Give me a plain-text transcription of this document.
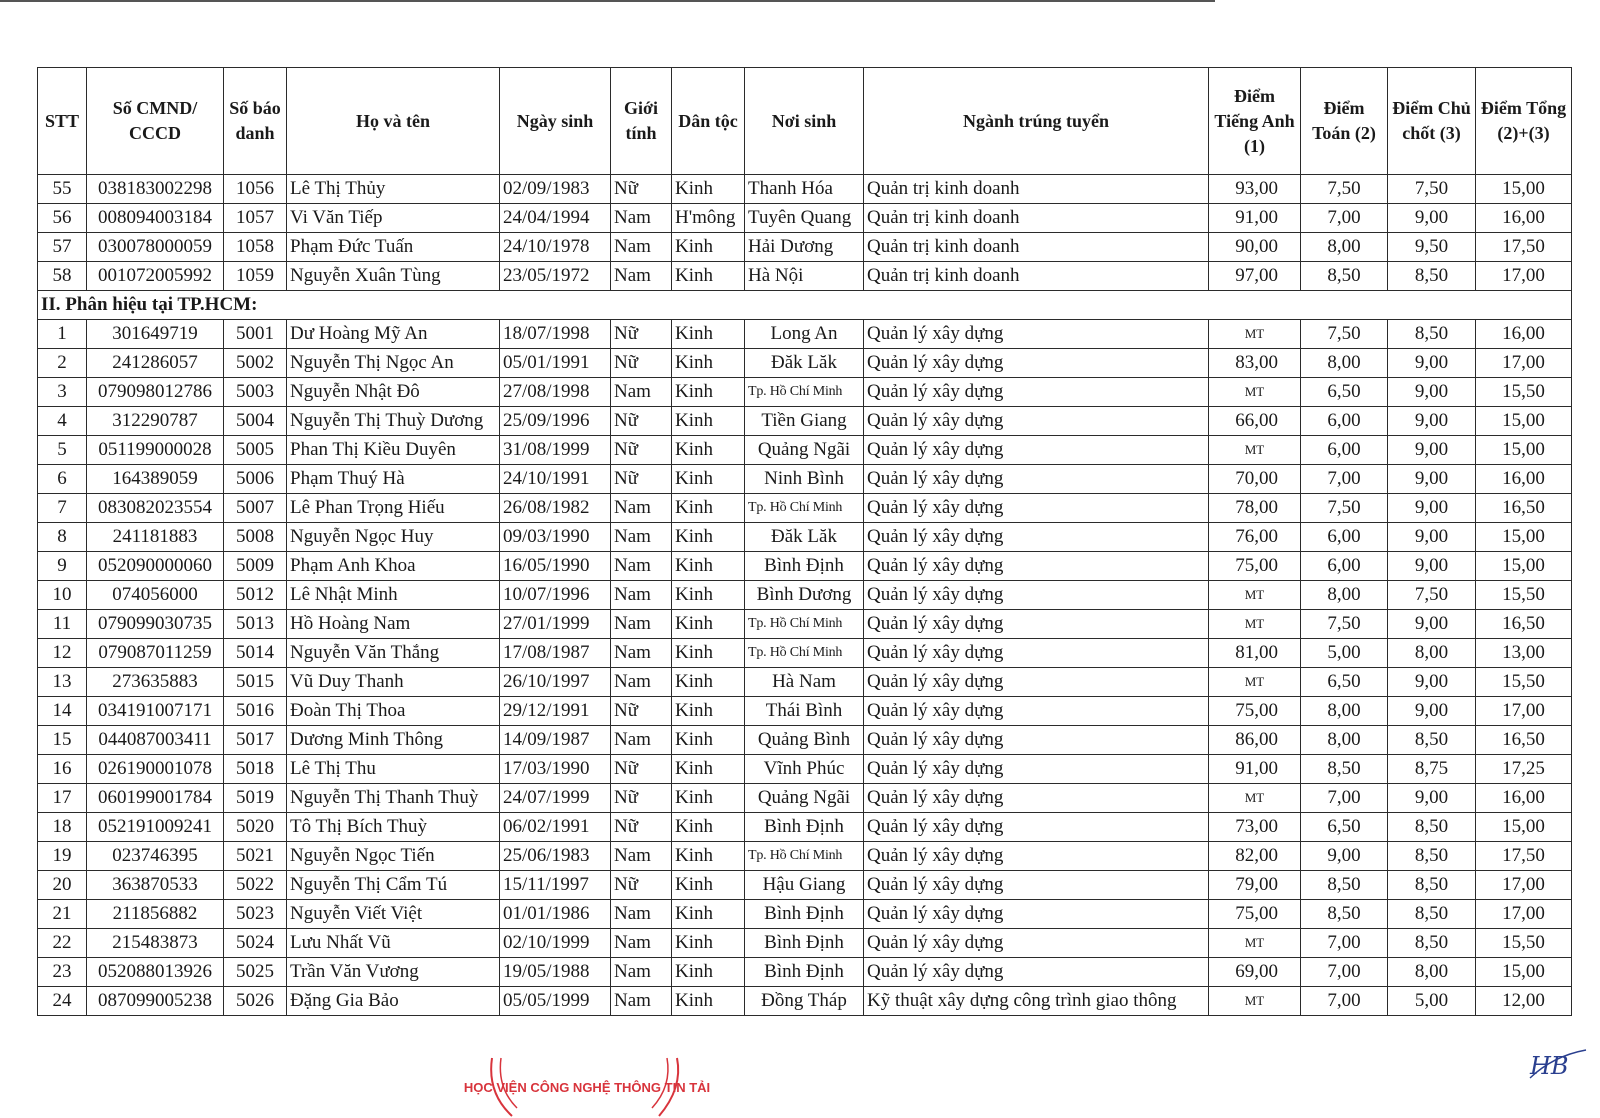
STT	Số CMND/ CCCD	Số báo danh	Họ và tên	Ngày sinh	Giới tính	Dân tộc	Nơi sinh	Ngành trúng tuyển	Điểm Tiếng Anh (1)	Điểm Toán (2)	Điểm Chủ chốt (3)	Điểm Tổng (2)+(3)
55	038183002298	1056	Lê Thị Thủy	02/09/1983	Nữ	Kinh	Thanh Hóa	Quản trị kinh doanh	93,00	7,50	7,50	15,00
56	008094003184	1057	Vi Văn Tiếp	24/04/1994	Nam	H'mông	Tuyên Quang	Quản trị kinh doanh	91,00	7,00	9,00	16,00
57	030078000059	1058	Phạm Đức Tuấn	24/10/1978	Nam	Kinh	Hải Dương	Quản trị kinh doanh	90,00	8,00	9,50	17,50
58	001072005992	1059	Nguyễn Xuân Tùng	23/05/1972	Nam	Kinh	Hà Nội	Quản trị kinh doanh	97,00	8,50	8,50	17,00
II. Phân hiệu tại TP.HCM:												
1	301649719	5001	Dư Hoàng Mỹ An	18/07/1998	Nữ	Kinh	Long An	Quản lý xây dựng	MT	7,50	8,50	16,00
2	241286057	5002	Nguyễn Thị Ngọc An	05/01/1991	Nữ	Kinh	Đăk Lăk	Quản lý xây dựng	83,00	8,00	9,00	17,00
3	079098012786	5003	Nguyễn Nhật Đô	27/08/1998	Nam	Kinh	Tp. Hồ Chí Minh	Quản lý xây dựng	MT	6,50	9,00	15,50
4	312290787	5004	Nguyễn Thị Thuỳ Dương	25/09/1996	Nữ	Kinh	Tiền Giang	Quản lý xây dựng	66,00	6,00	9,00	15,00
5	051199000028	5005	Phan Thị Kiều Duyên	31/08/1999	Nữ	Kinh	Quảng Ngãi	Quản lý xây dựng	MT	6,00	9,00	15,00
6	164389059	5006	Phạm Thuý Hà	24/10/1991	Nữ	Kinh	Ninh Bình	Quản lý xây dựng	70,00	7,00	9,00	16,00
7	083082023554	5007	Lê Phan Trọng Hiếu	26/08/1982	Nam	Kinh	Tp. Hồ Chí Minh	Quản lý xây dựng	78,00	7,50	9,00	16,50
8	241181883	5008	Nguyễn Ngọc Huy	09/03/1990	Nam	Kinh	Đăk Lăk	Quản lý xây dựng	76,00	6,00	9,00	15,00
9	052090000060	5009	Phạm Anh Khoa	16/05/1990	Nam	Kinh	Bình Định	Quản lý xây dựng	75,00	6,00	9,00	15,00
10	074056000	5012	Lê Nhật Minh	10/07/1996	Nam	Kinh	Bình Dương	Quản lý xây dựng	MT	8,00	7,50	15,50
11	079099030735	5013	Hồ Hoàng Nam	27/01/1999	Nam	Kinh	Tp. Hồ Chí Minh	Quản lý xây dựng	MT	7,50	9,00	16,50
12	079087011259	5014	Nguyễn Văn Thắng	17/08/1987	Nam	Kinh	Tp. Hồ Chí Minh	Quản lý xây dựng	81,00	5,00	8,00	13,00
13	273635883	5015	Vũ Duy Thanh	26/10/1997	Nam	Kinh	Hà Nam	Quản lý xây dựng	MT	6,50	9,00	15,50
14	034191007171	5016	Đoàn Thị Thoa	29/12/1991	Nữ	Kinh	Thái Bình	Quản lý xây dựng	75,00	8,00	9,00	17,00
15	044087003411	5017	Dương Minh Thông	14/09/1987	Nam	Kinh	Quảng Bình	Quản lý xây dựng	86,00	8,00	8,50	16,50
16	026190001078	5018	Lê Thị Thu	17/03/1990	Nữ	Kinh	Vĩnh Phúc	Quản lý xây dựng	91,00	8,50	8,75	17,25
17	060199001784	5019	Nguyễn Thị Thanh Thuỳ	24/07/1999	Nữ	Kinh	Quảng Ngãi	Quản lý xây dựng	MT	7,00	9,00	16,00
18	052191009241	5020	Tô Thị Bích Thuỳ	06/02/1991	Nữ	Kinh	Bình Định	Quản lý xây dựng	73,00	6,50	8,50	15,00
19	023746395	5021	Nguyễn Ngọc Tiến	25/06/1983	Nam	Kinh	Tp. Hồ Chí Minh	Quản lý xây dựng	82,00	9,00	8,50	17,50
20	363870533	5022	Nguyễn Thị Cẩm Tú	15/11/1997	Nữ	Kinh	Hậu Giang	Quản lý xây dựng	79,00	8,50	8,50	17,00
21	211856882	5023	Nguyễn Viết Việt	01/01/1986	Nam	Kinh	Bình Định	Quản lý xây dựng	75,00	8,50	8,50	17,00
22	215483873	5024	Lưu Nhất Vũ	02/10/1999	Nam	Kinh	Bình Định	Quản lý xây dựng	MT	7,00	8,50	15,50
23	052088013926	5025	Trần Văn Vương	19/05/1988	Nam	Kinh	Bình Định	Quản lý xây dựng	69,00	7,00	8,00	15,00
24	087099005238	5026	Đặng Gia Bảo	05/05/1999	Nam	Kinh	Đồng Tháp	Kỹ thuật xây dựng công trình giao thông	MT	7,00	5,00	12,00
HỌC VIỆN CÔNG NGHỆ THÔNG TIN TẢI
HB
